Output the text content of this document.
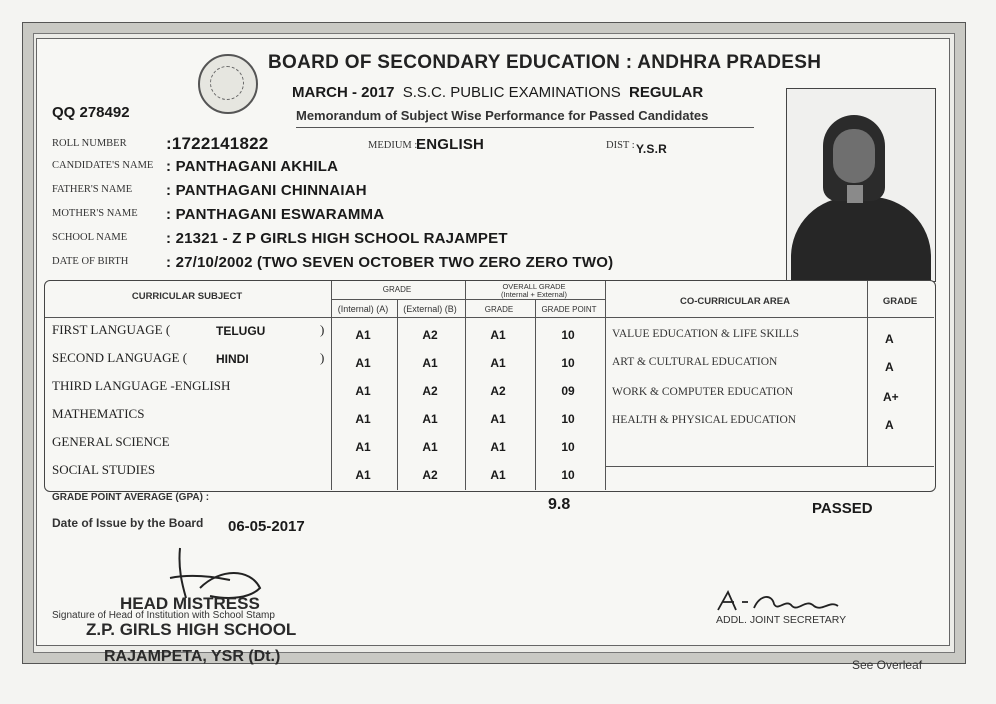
BOARD OF SECONDARY EDUCATION : ANDHRA PRADESH
MARCH - 2017 S.S.C. PUBLIC EXAMINATIONS REGULAR
Memorandum of Subject Wise Performance for Passed Candidates
QQ 278492
ROLL NUMBER :1722141822	MEDIUM :
ENGLISH	DIST : Y.S.R
CANDIDATE'S NAME : PANTHAGANI AKHILA
FATHER'S NAME : PANTHAGANI CHINNAIAH
MOTHER'S NAME : PANTHAGANI ESWARAMMA
SCHOOL NAME	: 21321 - Z P GIRLS HIGH SCHOOL RAJAMPET
DATE OF BIRTH	: 27/10/2002 (TWO SEVEN OCTOBER TWO ZERO ZERO TWO)
CURRICULAR SUBJECT
GRADE
(Internal) (A)	(External) (B)
OVERALL GRADE
(Internal + External)
GRADE	GRADE POINT
CO-CURRICULAR AREA	GRADE
FIRST LANGUAGE (	TELUGU	)	A1	A2	A1	10
SECOND LANGUAGE ( HINDI	)	A1	A1	A1	10
THIRD LANGUAGE -ENGLISH	A1	A2	A2	09
MATHEMATICS	A1	A1	A1	10
GENERAL SCIENCE	A1	A1	A1	10
SOCIAL STUDIES	A1	A2	A1	10
VALUE EDUCATION & LIFE SKILLS	A
ART & CULTURAL EDUCATION	A
WORK & COMPUTER EDUCATION	A+
HEALTH & PHYSICAL EDUCATION	A
GRADE POINT AVERAGE (GPA) :	9.8	PASSED
Date of Issue by the Board 06-05-2017
Signature of Head of Institution with School Stamp
HEAD MISTRESS
Z.P. GIRLS HIGH SCHOOL
RAJAMPETA, YSR (Dt.)
ADDL. JOINT SECRETARY
See Overleaf
